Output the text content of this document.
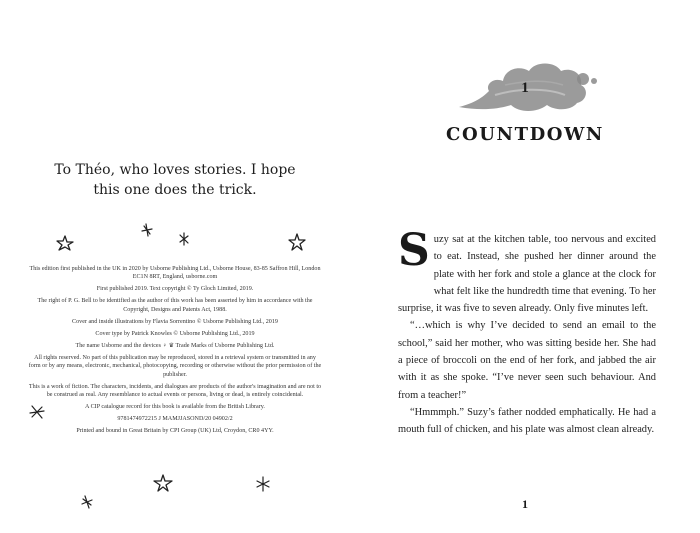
To Théo, who loves stories. I hope this one does the trick.

This edition first published in the UK in 2020 by Usborne Publishing Ltd., Usborne House, 83-85 Saffron Hill, London EC1N 8RT, England, usborne.com

First published 2019. Text copyright © Ty Gloch Limited, 2019.

The right of P. G. Bell to be identified as the author of this work has been asserted by him in accordance with the Copyright, Designs and Patents Act, 1988.

Cover and inside illustrations by Flavia Sorrentino © Usborne Publishing Ltd., 2019

Cover type by Patrick Knowles © Usborne Publishing Ltd., 2019

The name Usborne and the devices ♀ ♛ Trade Marks of Usborne Publishing Ltd.

All rights reserved. No part of this publication may be reproduced, stored in a retrieval system or transmitted in any form or by any means, electronic, mechanical, photocopying, recording or otherwise without the prior permission of the publisher.

This is a work of fiction. The characters, incidents, and dialogues are products of the author's imagination and are not to be construed as real. Any resemblance to actual events or persons, living or dead, is entirely coincidental.

A CIP catalogue record for this book is available from the British Library.

9781474972215 J MAMJJASOND/20 04902/2

Printed and bound in Great Britain by CPI Group (UK) Ltd, Croydon, CR0 4YY.

1
COUNTDOWN

Suzy sat at the kitchen table, too nervous and excited to eat. Instead, she pushed her dinner around the plate with her fork and stole a glance at the clock for what felt like the hundredth time that evening. To her surprise, it was five to seven already. Only five minutes left.

“…which is why I’ve decided to send an email to the school,” said her mother, who was sitting beside her. She had a piece of broccoli on the end of her fork, and jabbed the air with it as she spoke. “I’ve never seen such behaviour. And from a teacher!”

“Hmmmph.” Suzy’s father nodded emphatically. He had a mouth full of chicken, and his plate was almost clean already.

1
